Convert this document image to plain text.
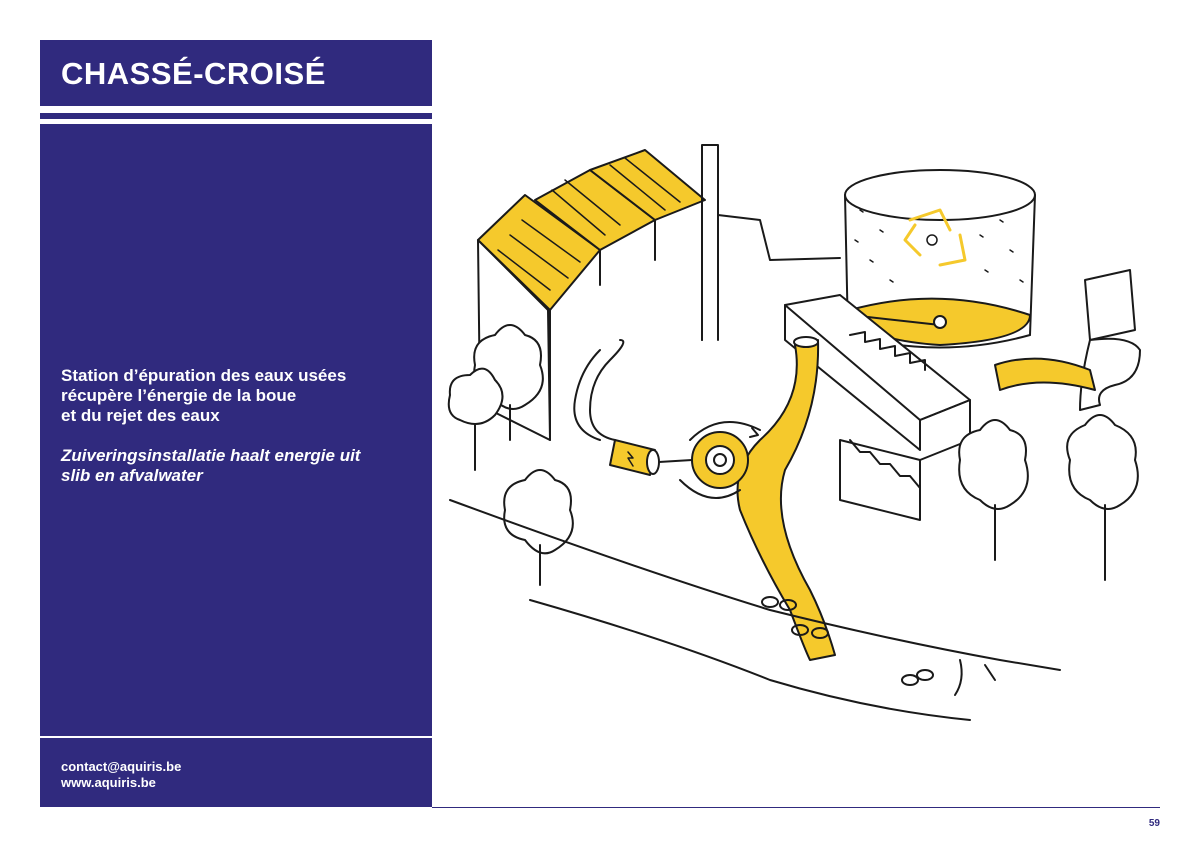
CHASSÉ-CROISÉ

Station d’épuration des eaux usées

récupère l’énergie de la boue

et du rejet des eaux

Zuiveringsinstallatie haalt energie uit

slib en afvalwater

contact@aquiris.be
www.aquiris.be
59
